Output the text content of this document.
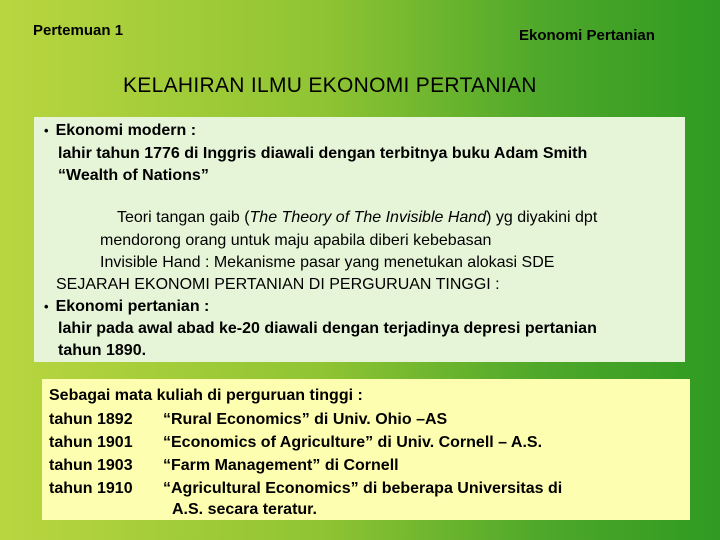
Pertemuan 1	Ekonomi Pertanian
KELAHIRAN ILMU EKONOMI PERTANIAN
• Ekonomi modern :
lahir tahun 1776 di Inggris diawali dengan terbitnya buku Adam Smith
“Wealth of Nations”
Teori tangan gaib (The Theory of The Invisible Hand) yg diyakini dpt
mendorong orang untuk maju apabila diberi kebebasan
Invisible Hand : Mekanisme pasar yang menetukan alokasi SDE
SEJARAH EKONOMI PERTANIAN DI PERGURUAN TINGGI :
• Ekonomi pertanian :
lahir pada awal abad ke-20 diawali dengan terjadinya depresi pertanian
tahun 1890.
Sebagai mata kuliah di perguruan tinggi :
tahun 1892 “Rural Economics” di Univ. Ohio –AS
tahun 1901 “Economics of Agriculture” di Univ. Cornell – A.S.
tahun 1903 “Farm Management” di Cornell
tahun 1910 “Agricultural Economics” di beberapa Universitas di
A.S. secara teratur.
